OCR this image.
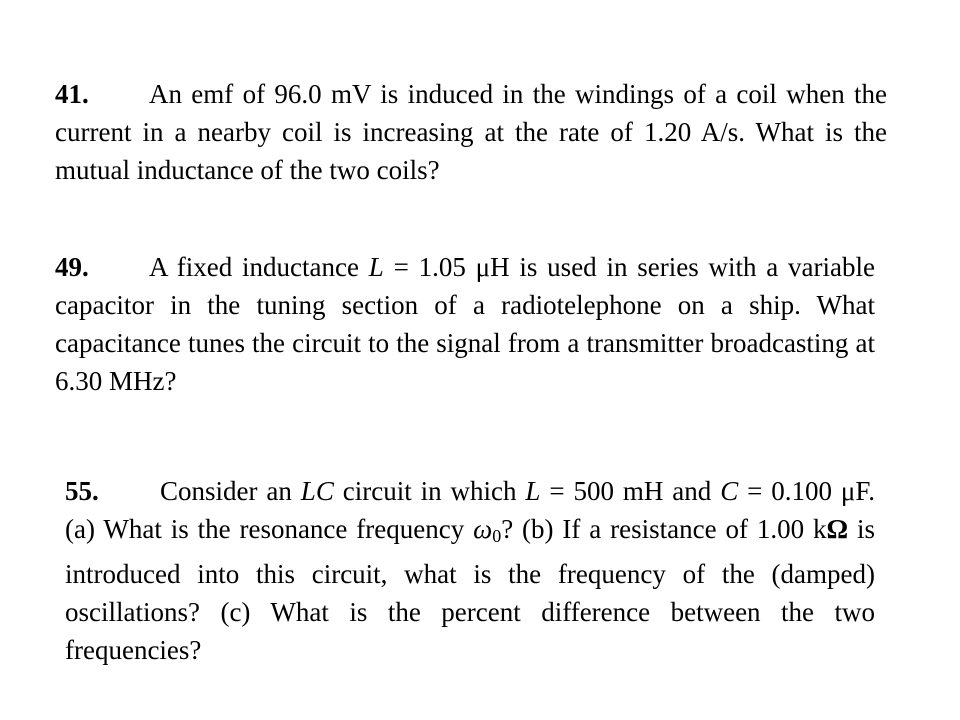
41. An emf of 96.0 mV is induced in the windings of a coil when the current in a nearby coil is increasing at the rate of 1.20 A/s. What is the mutual inductance of the two coils?

49. A fixed inductance L = 1.05 μH is used in series with a variable capacitor in the tuning section of a radiotelephone on a ship. What capacitance tunes the circuit to the signal from a transmitter broadcasting at 6.30 MHz?

55. Consider an LC circuit in which L = 500 mH and C = 0.100 μF. (a) What is the resonance frequency $\omega_0$? (b) If a resistance of 1.00 kΩ is introduced into this circuit, what is the frequency of the (damped) oscillations? (c) What is the percent difference between the two frequencies?
